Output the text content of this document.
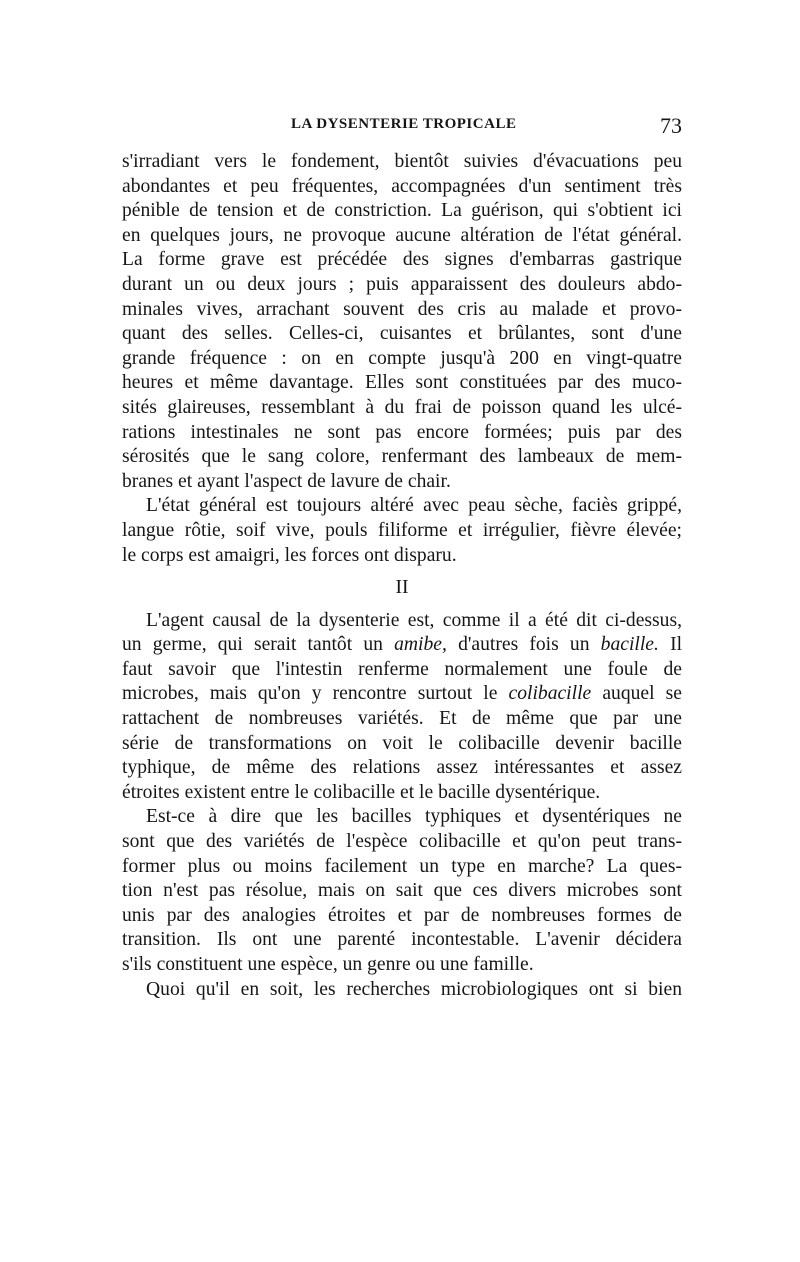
LA DYSENTERIE TROPICALE	73
s'irradiant vers le fondement, bientôt suivies d'évacuations peu
abondantes et peu fréquentes, accompagnées d'un sentiment très
pénible de tension et de constriction. La guérison, qui s'obtient ici
en quelques jours, ne provoque aucune altération de l'état général.
La forme grave est précédée des signes d'embarras gastrique
durant un ou deux jours ; puis apparaissent des douleurs abdo-
minales vives, arrachant souvent des cris au malade et provo-
quant des selles. Celles-ci, cuisantes et brûlantes, sont d'une
grande fréquence : on en compte jusqu'à 200 en vingt-quatre
heures et même davantage. Elles sont constituées par des muco-
sités glaireuses, ressemblant à du frai de poisson quand les ulcé-
rations intestinales ne sont pas encore formées; puis par des
sérosités que le sang colore, renfermant des lambeaux de mem-
branes et ayant l'aspect de lavure de chair.
L'état général est toujours altéré avec peau sèche, faciès grippé,
langue rôtie, soif vive, pouls filiforme et irrégulier, fièvre élevée;
le corps est amaigri, les forces ont disparu.
II
L'agent causal de la dysenterie est, comme il a été dit ci-dessus,
un germe, qui serait tantôt un amibe, d'autres fois un bacille. Il
faut savoir que l'intestin renferme normalement une foule de
microbes, mais qu'on y rencontre surtout le colibacille auquel se
rattachent de nombreuses variétés. Et de même que par une
série de transformations on voit le colibacille devenir bacille
typhique, de même des relations assez intéressantes et assez
étroites existent entre le colibacille et le bacille dysentérique.
Est-ce à dire que les bacilles typhiques et dysentériques ne
sont que des variétés de l'espèce colibacille et qu'on peut trans-
former plus ou moins facilement un type en marche? La ques-
tion n'est pas résolue, mais on sait que ces divers microbes sont
unis par des analogies étroites et par de nombreuses formes de
transition. Ils ont une parenté incontestable. L'avenir décidera
s'ils constituent une espèce, un genre ou une famille.
Quoi qu'il en soit, les recherches microbiologiques ont si bien
